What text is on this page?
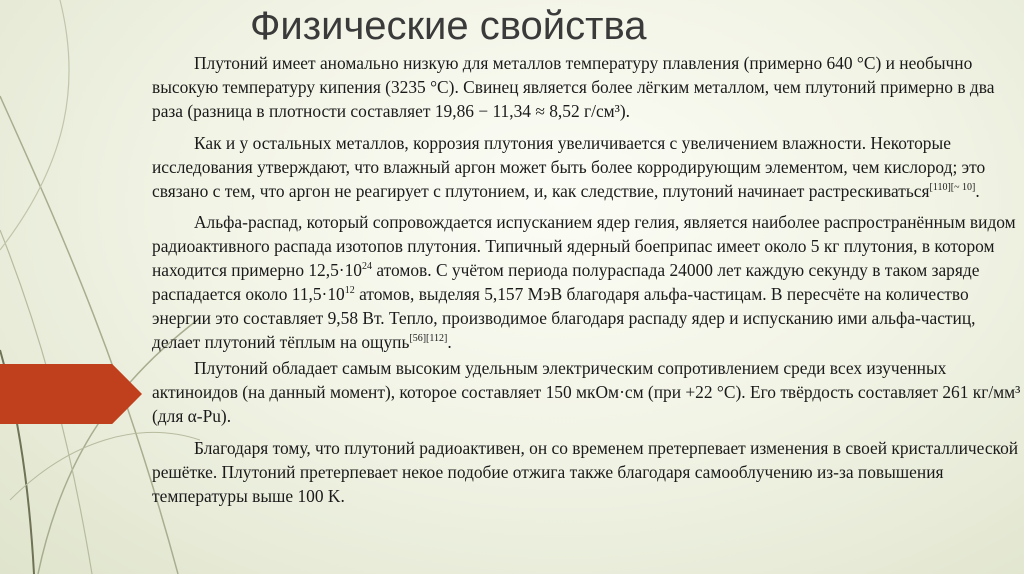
Физические свойства

Плутоний имеет аномально низкую для металлов температуру плавления (примерно 640 °C) и необычно высокую температуру кипения (3235 °C). Свинец является более лёгким металлом, чем плутоний примерно в два раза (разница в плотности составляет 19,86 − 11,34 ≈ 8,52 г/см³).

Как и у остальных металлов, коррозия плутония увеличивается с увеличением влажности. Некоторые исследования утверждают, что влажный аргон может быть более корродирующим элементом, чем кислород; это связано с тем, что аргон не реагирует с плутонием, и, как следствие, плутоний начинает растрескиваться[110][~ 10].

Альфа-распад, который сопровождается испусканием ядер гелия, является наиболее распространённым видом радиоактивного распада изотопов плутония. Типичный ядерный боеприпас имеет около 5 кг плутония, в котором находится примерно $12,5\cdot 10^{24}$ атомов. С учётом периода полураспада 24000 лет каждую секунду в таком заряде распадается около $11,5\cdot 10^{12}$ атомов, выделяя 5,157 МэВ благодаря альфа-частицам. В пересчёте на количество энергии это составляет 9,58 Вт. Тепло, производимое благодаря распаду ядер и испусканию ими альфа-частиц, делает плутоний тёплым на ощупь[56][112].

Плутоний обладает самым высоким удельным электрическим сопротивлением среди всех изученных актиноидов (на данный момент), которое составляет 150 мкОм·см (при +22 °C). Его твёрдость составляет 261 кг/мм³ (для α-Pu).

Благодаря тому, что плутоний радиоактивен, он со временем претерпевает изменения в своей кристаллической решётке. Плутоний претерпевает некое подобие отжига также благодаря самооблучению из-за повышения температуры выше 100 K.
